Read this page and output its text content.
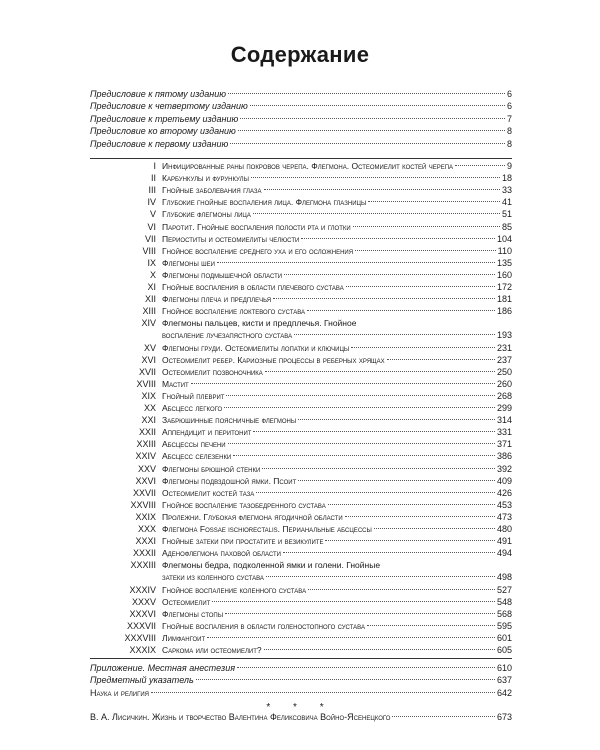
Содержание
Предисловие к пятому изданию	6
Предисловие к четвертому изданию	6
Предисловие к третьему изданию	7
Предисловие ко второму изданию	8
Предисловие к первому изданию	8
I Инфицированные раны покровов черепа. Флегмона. Остеомиелит костей черепа	9
II Карбункулы и фурункулы	18
III Гнойные заболевания глаза	33
IV Глубокие гнойные воспаления лица. Флегмона глазницы	41
V Глубокие флегмоны лица	51
VI Паротит. Гнойные воспаления полости рта и глотки	85
VII Периоститы и остеомиелиты челюсти	104
VIII Гнойное воспаление среднего уха и его осложнения	110
IX Флегмоны шеи	135
X Флегмоны подмышечной области	160
XI Гнойные воспаления в области плечевого сустава	172
XII Флегмоны плеча и предплечья	181
XIII Гнойное воспаление локтевого сустава	186
XIV Флегмоны пальцев, кисти и предплечья. Гнойное
воспаление лучезапястного сустава	193
XV Флегмоны груди. Остеомиелиты лопатки и ключицы	231
XVI Остеомиелит ребер. Кариозные процессы в реберных хрящах	237
XVII Остеомиелит позвоночника	250
XVIII Мастит	260
XIX Гнойный плеврит	268
XX Абсцесс легкого	299
XXI Забрюшинные поясничные флегмоны	314
XXII Аппендицит и перитонит	331
XXIII Абсцессы печени	371
XXIV Абсцесс селезенки	386
XXV Флегмоны брюшной стенки	392
XXVI Флегмоны подвздошной ямки. Псоит	409
XXVII Остеомиелит костей таза	426
XXVIII Гнойное воспаление тазобедренного сустава	453
XXIX Пролежни. Глубокая флегмона ягодичной области	473
XXX Флегмона Fossae ischiorectalis. Перианальные абсцессы	480
XXXI Гнойные затеки при простатите и везикулите	491
XXXII Аденофлегмона паховой области	494
XXXIII Флегмоны бедра, подколенной ямки и голени. Гнойные
затеки из коленного сустава	498
XXXIV Гнойное воспаление коленного сустава	527
XXXV Остеомиелит	548
XXXVI Флегмоны стопы	568
XXXVII Гнойные воспаления в области голеностопного сустава	595
XXXVIII Лимфангоит	601
XXXIX Саркома или остеомиелит?	605
Приложение. Местная анестезия	610
Предметный указатель	637
Наука и религия	642
* * *
В. А. Лисичкин. Жизнь и творчество Валентина Феликсовича Войно-Ясенецкого	673
